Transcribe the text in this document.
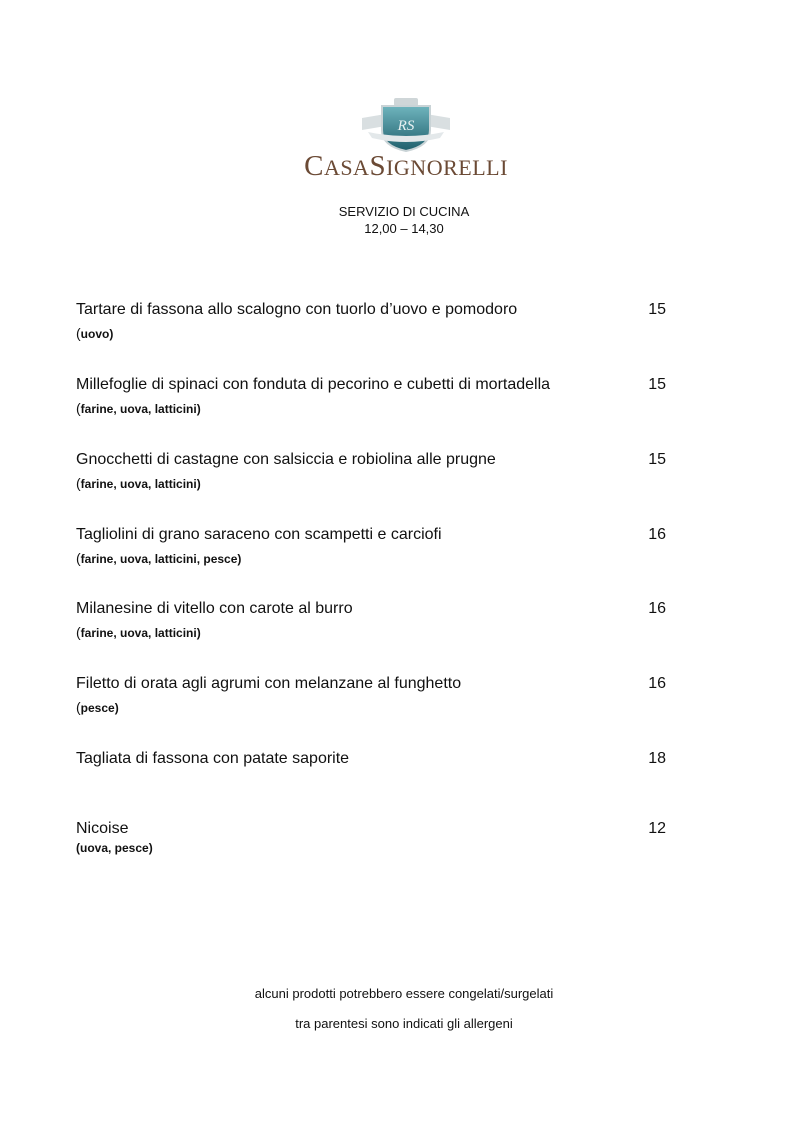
RS
CASASIGNORELLI
SERVIZIO DI CUCINA
12,00 – 14,30
Tartare di fassona allo scalogno con tuorlo d’uovo e pomodoro	15
(uovo)
Millefoglie di spinaci con fonduta di pecorino e cubetti di mortadella	15
(farine, uova, latticini)
Gnocchetti di castagne con salsiccia e robiolina alle prugne	15
(farine, uova, latticini)
Tagliolini di grano saraceno con scampetti e carciofi	16
(farine, uova, latticini, pesce)
Milanesine di vitello con carote al burro	16
(farine, uova, latticini)
Filetto di orata agli agrumi con melanzane al funghetto	16
(pesce)
Tagliata di fassona con patate saporite	18
Nicoise	12
(uova, pesce)
alcuni prodotti potrebbero essere congelati/surgelati
tra parentesi sono indicati gli allergeni
